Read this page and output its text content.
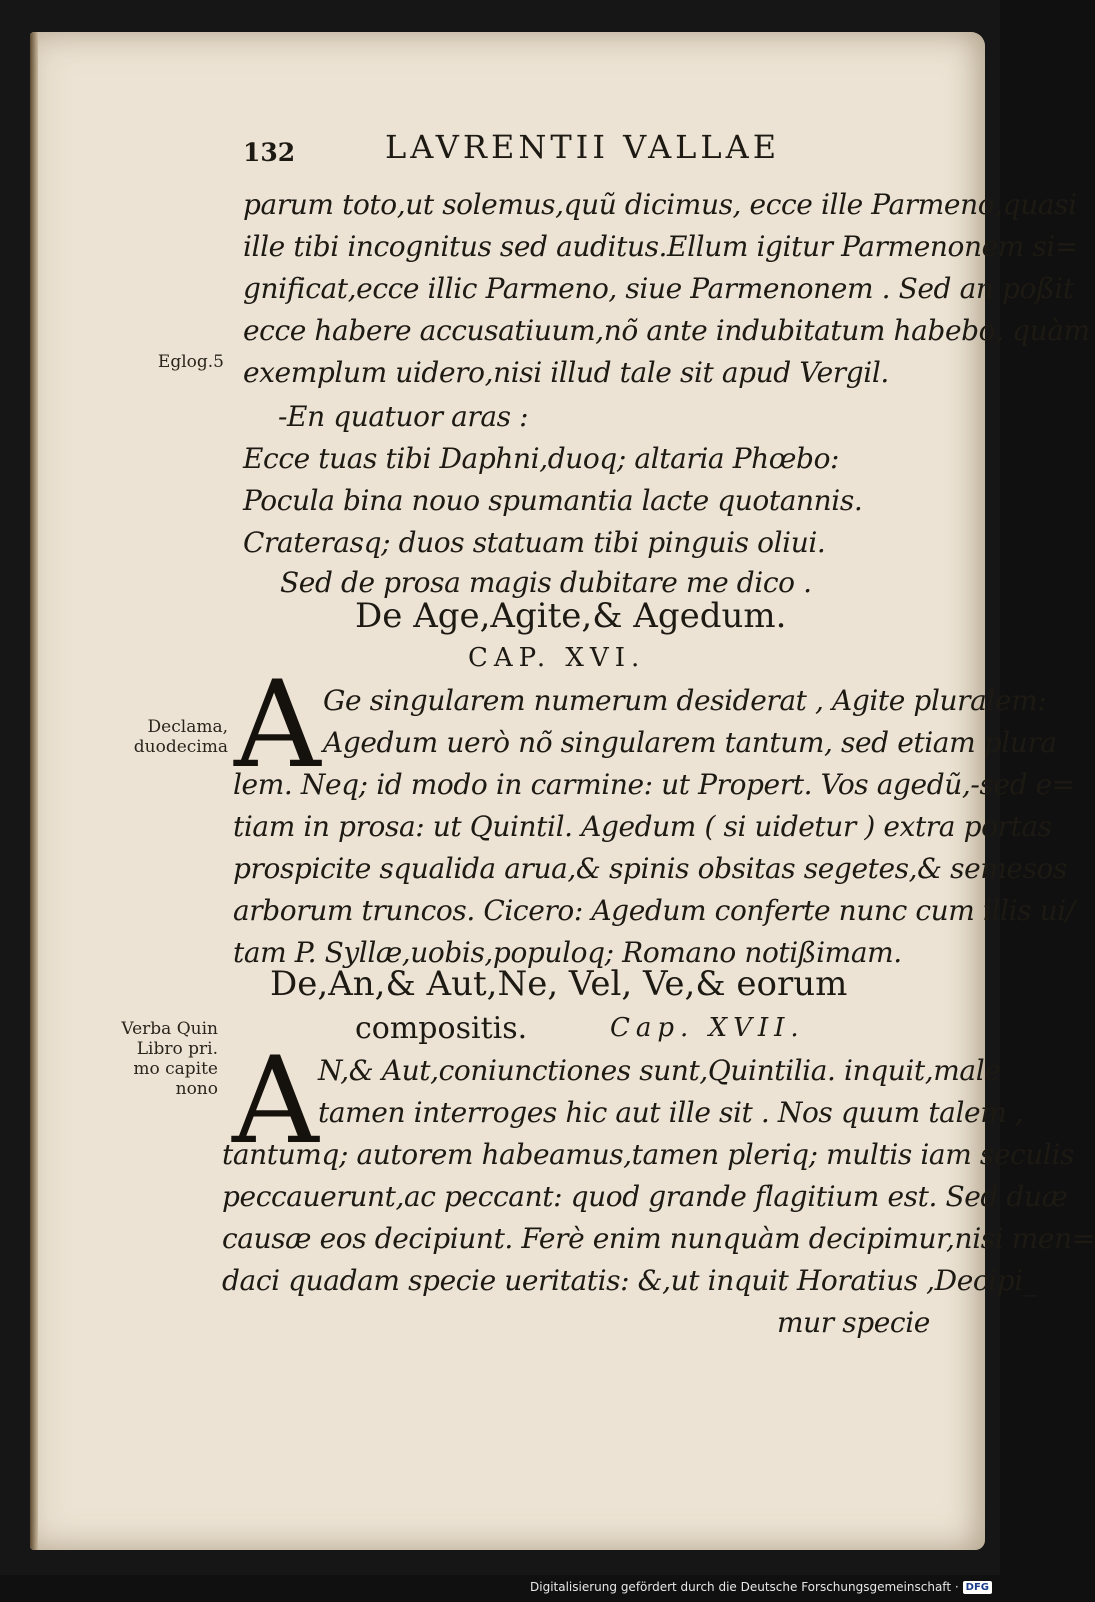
132	LAVRENTII VALLAE
Eglog.5
Declama,
duodecima
Verba Quin
Libro pri.
mo capite
nono
parum toto,ut solemus,quũ dicimus, ecce ille Parmeno,quasi
ille tibi incognitus sed auditus.Ellum igitur Parmenonem si=
gnificat,ecce illic Parmeno, siue Parmenonem . Sed an poßit
ecce habere accusatiuum,nõ ante indubitatum habebo, quàm
exemplum uidero,nisi illud tale sit apud Vergil.
-En quatuor aras :
Ecce tuas tibi Daphni,duoq; altaria Phœbo:
Pocula bina nouo spumantia lacte quotannis.
Craterasq; duos statuam tibi pinguis oliui.
Sed de prosa magis dubitare me dico .
De Age,Agite,& Agedum.
CAP. XVI.
A Ge singularem numerum desiderat , Agite pluralem:
Agedum uerò nõ singularem tantum, sed etiam plura
lem. Neq; id modo in carmine: ut Propert. Vos agedũ,-sed e=
tiam in prosa: ut Quintil. Agedum ( si uidetur ) extra portas
prospicite squalida arua,& spinis obsitas segetes,& semesos
arborum truncos. Cicero: Agedum conferte nunc cum illis ui/
tam P. Syllæ,uobis,populoq; Romano notißimam.
De,An,& Aut,Ne, Vel, Ve,& eorum
compositis.	Cap. XVII.
A N,& Aut,coniunctiones sunt,Quintilia. inquit,male
tamen interroges hic aut ille sit . Nos quum talem ,
tantumq; autorem habeamus,tamen pleriq; multis iam seculis
peccauerunt,ac peccant: quod grande flagitium est. Sed duæ
causæ eos decipiunt. Ferè enim nunquàm decipimur,nisi men=
daci quadam specie ueritatis: &,ut inquit Horatius ,Decipi_
mur specie
Digitalisierung gefördert durch die Deutsche Forschungsgemeinschaft · DFG
